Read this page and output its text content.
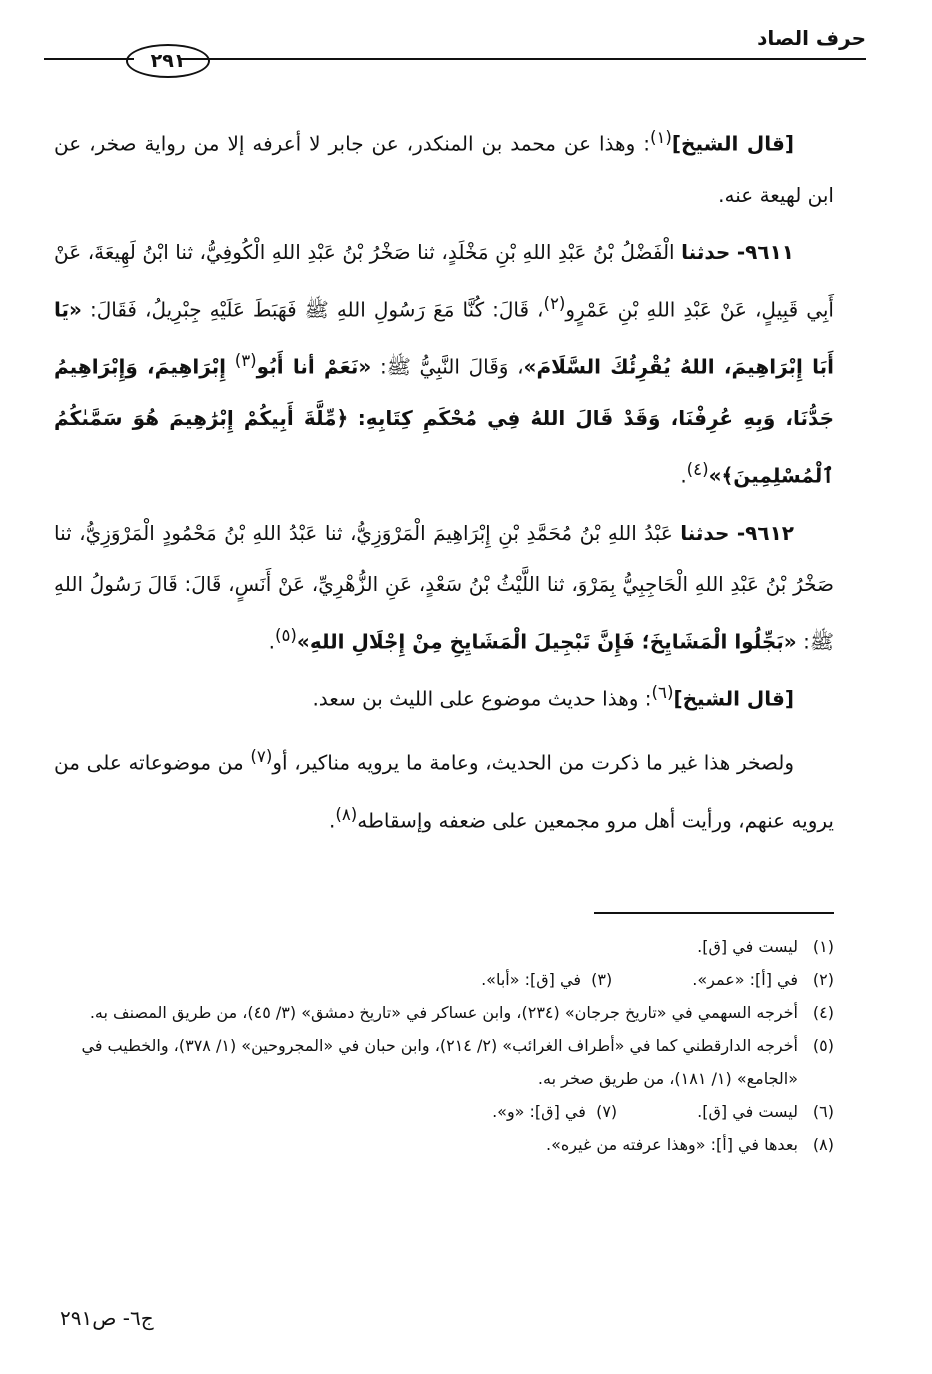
حرف الصاد
٢٩١

[قال الشيخ]$^{(١)}$: وهذا عن محمد بن المنكدر، عن جابر لا أعرفه إلا من رواية صخر، عن ابن لهيعة عنه.

٩٦١١- حدثنا الْفَضْلُ بْنُ عَبْدِ اللهِ بْنِ مَخْلَدٍ، ثنا صَخْرُ بْنُ عَبْدِ اللهِ الْكُوفِيُّ، ثنا ابْنُ لَهِيعَةَ، عَنْ أَبِي قَبِيلٍ، عَنْ عَبْدِ اللهِ بْنِ عَمْرٍو$^{(٢)}$، قَالَ: كُنَّا مَعَ رَسُولِ اللهِ ﷺ فَهَبَطَ عَلَيْهِ جِبْرِيلُ، فَقَالَ: «يَا أَبَا إِبْرَاهِيمَ، اللهُ يُقْرِئُكَ السَّلَامَ»، وَقَالَ النَّبِيُّ ﷺ: «نَعَمْ أنا أَبُو$^{(٣)}$ إِبْرَاهِيمَ، وَإِبْرَاهِيمُ جَدُّنَا، وَبِهِ عُرِفْنَا، وَقَدْ قَالَ اللهُ فِي مُحْكَمِ كِتَابِهِ: ﴿مِّلَّةَ أَبِيكُمْ إِبْرَٰهِيمَ هُوَ سَمَّىٰكُمُ ٱلْمُسْلِمِينَ﴾»$^{(٤)}$.

٩٦١٢- حدثنا عَبْدُ اللهِ بْنُ مُحَمَّدِ بْنِ إِبْرَاهِيمَ الْمَرْوَزِيُّ، ثنا عَبْدُ اللهِ بْنُ مَحْمُودٍ الْمَرْوَزِيُّ، ثنا صَخْرُ بْنُ عَبْدِ اللهِ الْحَاجِبِيُّ بِمَرْوَ، ثنا اللَّيْثُ بْنُ سَعْدٍ، عَنِ الزُّهْرِيِّ، عَنْ أَنَسٍ، قَالَ: قَالَ رَسُولُ اللهِ ﷺ: «بَجِّلُوا الْمَشَايِخَ؛ فَإِنَّ تَبْجِيلَ الْمَشَايِخِ مِنْ إِجْلَالِ اللهِ»$^{(٥)}$.

[قال الشيخ]$^{(٦)}$: وهذا حديث موضوع على الليث بن سعد.

ولصخر هذا غير ما ذكرت من الحديث، وعامة ما يرويه مناكير، أو$^{(٧)}$ من موضوعاته على من يرويه عنهم، ورأيت أهل مرو مجمعين على ضعفه وإسقاطه$^{(٨)}$.

(١)
ليست في [ق].

(٢)
في [أ]: «عمر».
(٣)

في [ق]: «أبا».

(٤)
أخرجه السهمي في «تاريخ جرجان» (٢٣٤)، وابن عساكر في «تاريخ دمشق» (٣/ ٤٥)، من طريق المصنف به.

(٥)
أخرجه الدارقطني كما في «أطراف الغرائب» (٢/ ٢١٤)، وابن حبان في «المجروحين» (١/ ٣٧٨)، والخطيب في «الجامع» (١/ ١٨١)، من طريق صخر به.

(٦)
ليست في [ق].
(٧)

في [ق]: «و».

(٨)
بعدها في [أ]: «وهذا عرفته من غيره».

ج٦- ص٢٩١
